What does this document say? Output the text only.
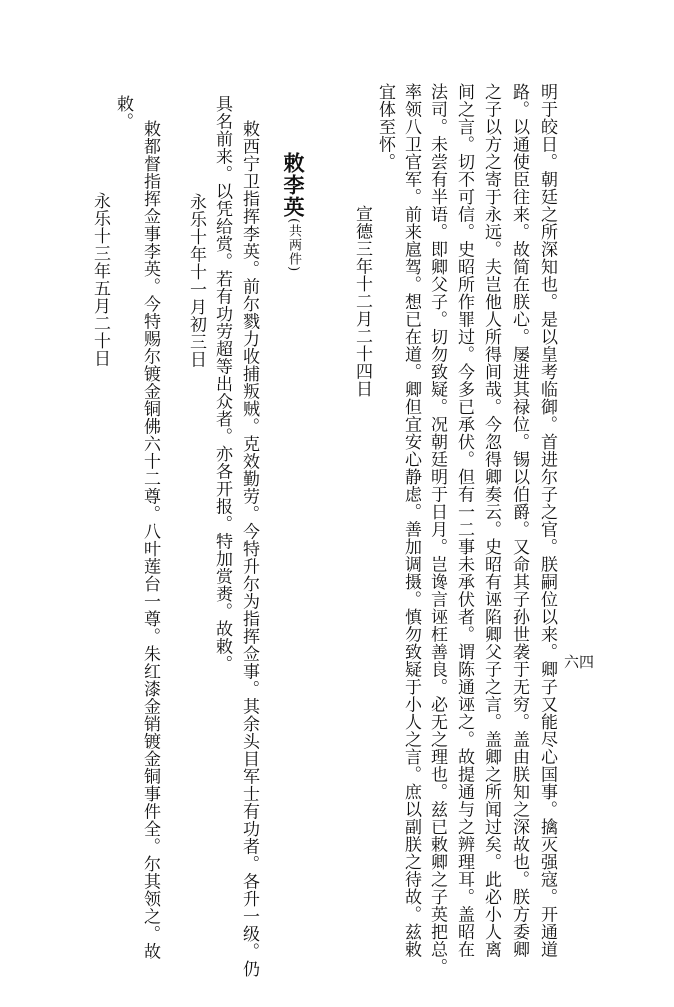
六四
明于皎日。朝廷之所深知也。是以皇考临御。首进尔子之官。朕嗣位以来。卿子又能尽心国事。擒灭强寇。开通道
路。以通使臣往来。故简在朕心。屡进其禄位。锡以伯爵。又命其子孙世袭于无穷。盖由朕知之深故也。朕方委卿
之子以方之寄于永远。夫岂他人所得间哉。今忽得卿奏云。史昭有诬陷卿父子之言。盖卿之所闻过矣。此必小人离
间之言。切不可信。史昭所作罪过。今多已承伏。但有一二事未承伏者。谓陈通诬之。故提通与之辨理耳。盖昭在
法司。未尝有半语。即卿父子。切勿致疑。况朝廷明于日月。岂谗言诬枉善良。必无之理也。兹已敕卿之子英把总。
率领八卫官军。前来扈驾。想已在道。卿但宜安心静虑。善加调摄。慎勿致疑于小人之言。庶以副朕之待故。兹敕
宜体至怀。
宣德三年十二月二十四日
敕李英(共两件)
敕西宁卫指挥李英。前尔戮力收捕叛贼。克效勤劳。今特升尔为指挥佥事。其余头目军士有功者。各升一级。仍
具名前来。以凭给赏。若有功劳超等出众者。亦各开报。特加赏赉。故敕。
永乐十年十一月初三日
敕都督指挥佥事李英。今特赐尔镀金铜佛六十二尊。八叶莲台一尊。朱红漆金销镀金铜事件全。尔其领之。故
敕。
永乐十三年五月二十日
